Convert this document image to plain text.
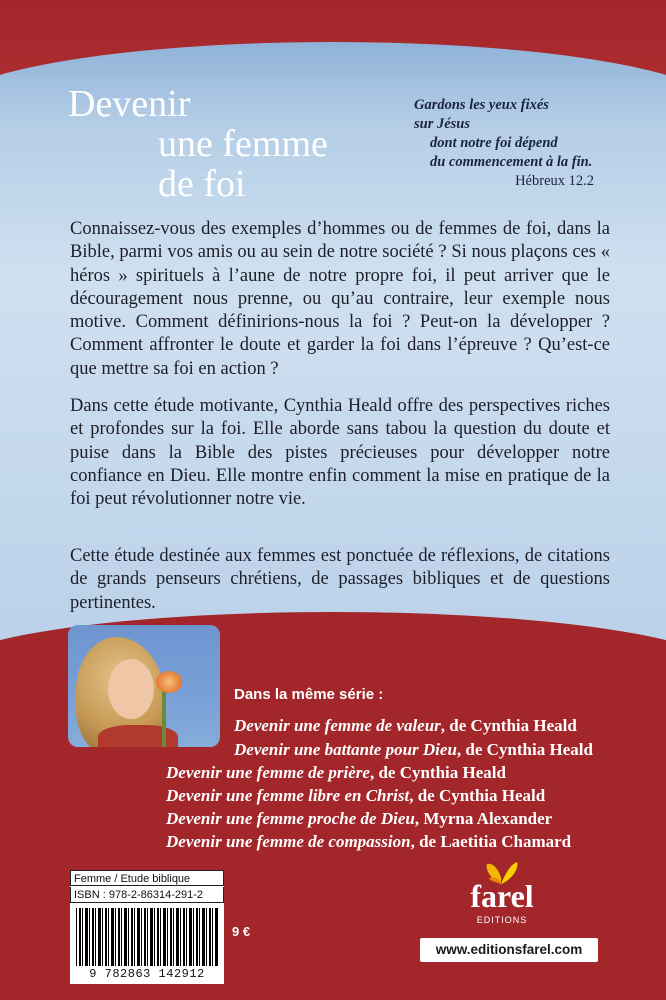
Devenir
une femme
de foi
Gardons les yeux fixés
sur Jésus
dont notre foi dépend
du commencement à la fin.
Hébreux 12.2

Connaissez-vous des exemples d’hommes ou de femmes de foi, dans la Bible, parmi vos amis ou au sein de notre société ? Si nous plaçons ces « héros » spirituels à l’aune de notre propre foi, il peut arriver que le découragement nous prenne, ou qu’au contraire, leur exemple nous motive. Comment définirions-nous la foi ? Peut-on la développer ? Comment affronter le doute et garder la foi dans l’épreuve ? Qu’est-ce que mettre sa foi en action ?

Dans cette étude motivante, Cynthia Heald offre des perspectives riches et profondes sur la foi. Elle aborde sans tabou la question du doute et puise dans la Bible des pistes précieuses pour développer notre confiance en Dieu. Elle montre enfin comment la mise en pratique de la foi peut révolutionner notre vie.

Cette étude destinée aux femmes est ponctuée de réflexions, de citations de grands penseurs chrétiens, de passages bibliques et de questions pertinentes.

Dans la même série :
Devenir une femme de valeur, de Cynthia Heald
Devenir une battante pour Dieu, de Cynthia Heald
Devenir une femme de prière, de Cynthia Heald
Devenir une femme libre en Christ, de Cynthia Heald
Devenir une femme proche de Dieu, Myrna Alexander
Devenir une femme de compassion, de Laetitia Chamard
Femme / Etude biblique
ISBN : 978-2-86314-291-2
9 782863 142912
9 €
farel
EDITIONS
www.editionsfarel.com
